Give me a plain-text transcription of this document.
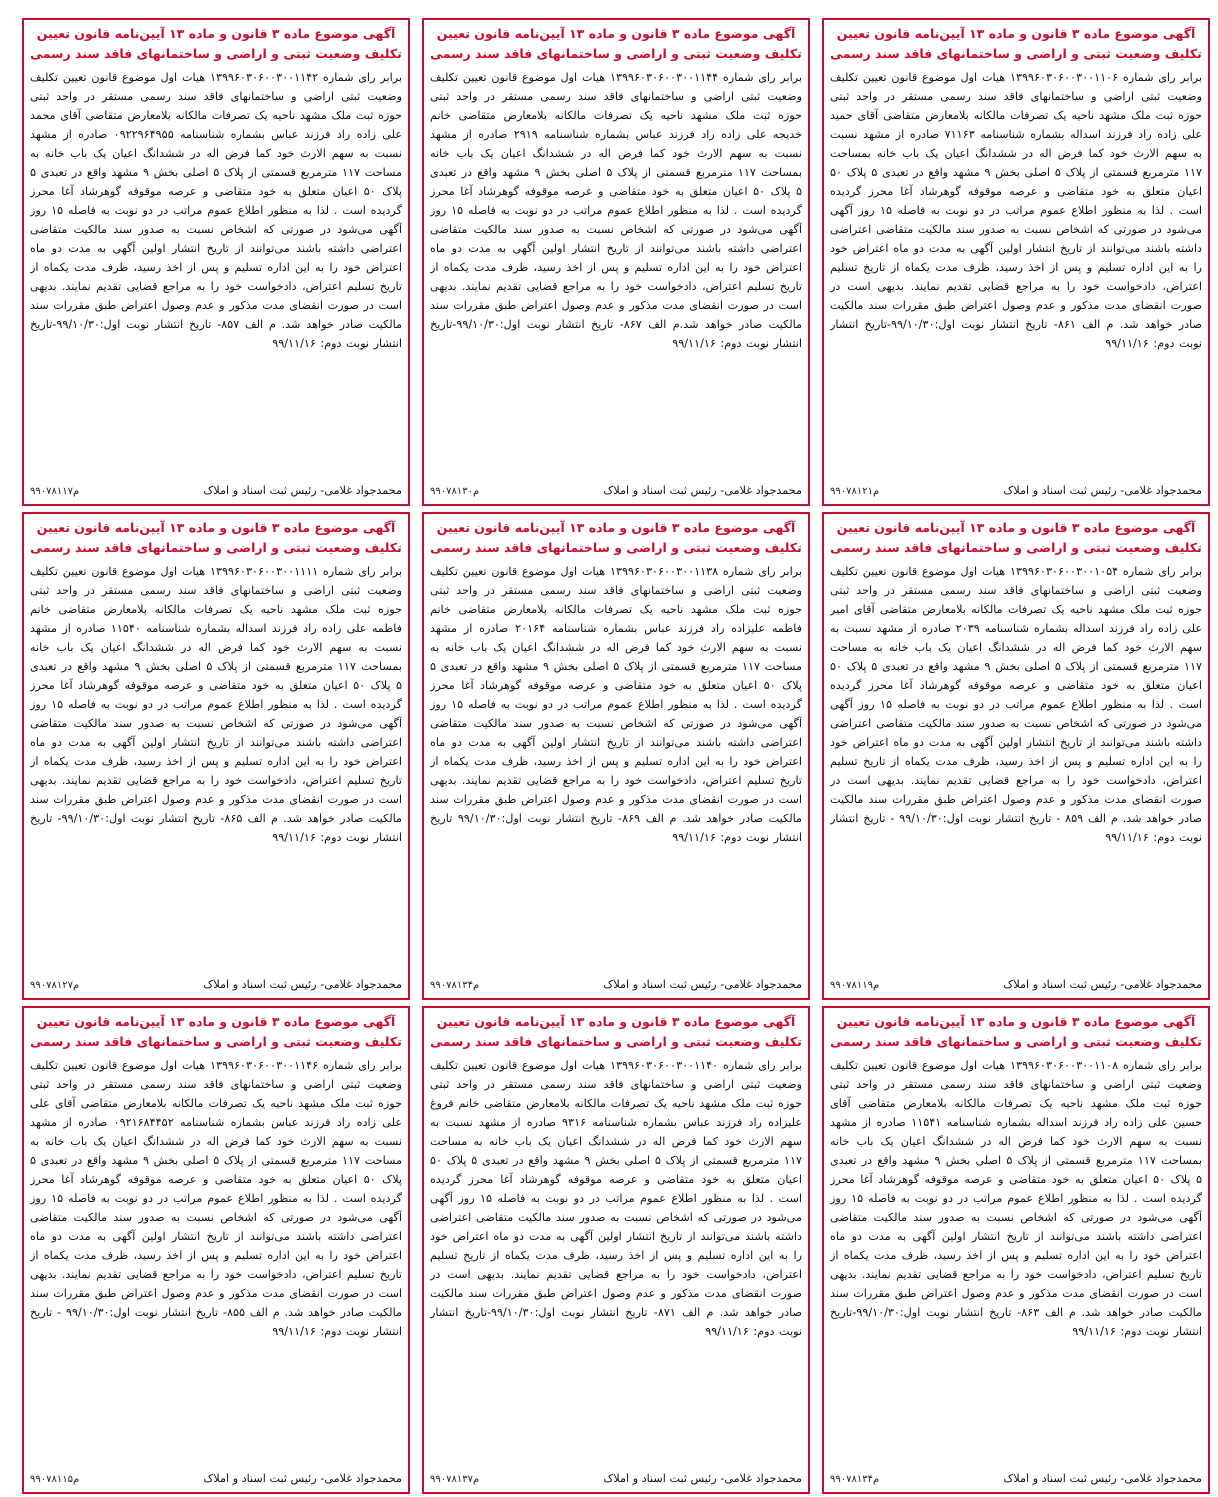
آگهی موضوع ماده ۳ قانون و ماده ۱۳ آیین‌نامه قانون تعیین تکلیف وضعیت ثبتی و اراضی و ساختمانهای فاقد سند رسمی

برابر رای شماره ۱۳۹۹۶۰۳۰۶۰۰۳۰۰۱۱۰۶ هیات اول موضوع قانون تعیین تکلیف وضعیت ثبتی اراضی و ساختمانهای فاقد سند رسمی مستقر در واحد ثبتی حوزه ثبت ملک مشهد ناحیه یک تصرفات مالکانه بلامعارض متقاضی آقای حمید علی زاده راد فرزند اسداله بشماره شناسنامه ۷۱۱۶۳ صادره از مشهد نسبت به سهم الارث خود کما فرض اله در ششدانگ اعیان یک باب خانه بمساحت ۱۱۷ مترمربع قسمتی از پلاک ۵ اصلی بخش ۹ مشهد واقع در تعبدی ۵ پلاک ۵۰ اعیان متعلق به خود متقاضی و عرصه موقوفه گوهرشاد آغا محرز گردیده است . لذا به منظور اطلاع عموم مراتب در دو نوبت به فاصله ۱۵ روز آگهی می‌شود در صورتی که اشخاص نسبت به صدور سند مالکیت متقاضی اعتراضی داشته باشند می‌توانند از تاریخ انتشار اولین آگهی به مدت دو ماه اعتراض خود را به این اداره تسلیم و پس از اخذ رسید، ظرف مدت یکماه از تاریخ تسلیم اعتراض، دادخواست خود را به مراجع قضایی تقدیم نمایند. بدیهی است در صورت انقضای مدت مذکور و عدم وصول اعتراض طبق مقررات سند مالکیت صادر خواهد شد. م الف ۸۶۱- تاریخ انتشار نوبت اول:۹۹/۱۰/۳۰-تاریخ انتشار نوبت دوم: ۹۹/۱۱/۱۶

محمدجواد غلامی- رئیس ثبت اسناد و املاک
م۹۹۰۷۸۱۲۱
آگهی موضوع ماده ۳ قانون و ماده ۱۳ آیین‌نامه قانون تعیین تکلیف وضعیت ثبتی و اراضی و ساختمانهای فاقد سند رسمی

برابر رای شماره ۱۳۹۹۶۰۳۰۶۰۰۳۰۰۱۱۴۴ هیات اول موضوع قانون تعیین تکلیف وضعیت ثبتی اراضی و ساختمانهای فاقد سند رسمی مستقر در واحد ثبتی حوزه ثبت ملک مشهد ناحیه یک تصرفات مالکانه بلامعارض متقاضی خانم خدیجه علی زاده راد فرزند عباس بشماره شناسنامه ۲۹۱۹ صادره از مشهد نسبت به سهم الارث خود کما فرض اله در ششدانگ اعیان یک باب خانه بمساحت ۱۱۷ مترمربع قسمتی از پلاک ۵ اصلی بخش ۹ مشهد واقع در تعبدی ۵ پلاک ۵۰ اعیان متعلق به خود متقاضی و عرصه موقوفه گوهرشاد آغا محرز گردیده است . لذا به منظور اطلاع عموم مراتب در دو نوبت به فاصله ۱۵ روز آگهی می‌شود در صورتی که اشخاص نسبت به صدور سند مالکیت متقاضی اعتراضی داشته باشند می‌توانند از تاریخ انتشار اولین آگهی به مدت دو ماه اعتراض خود را به این اداره تسلیم و پس از اخذ رسید، ظرف مدت یکماه از تاریخ تسلیم اعتراض، دادخواست خود را به مراجع قضایی تقدیم نمایند. بدیهی است در صورت انقضای مدت مذکور و عدم وصول اعتراض طبق مقررات سند مالکیت صادر خواهد شد.م الف ۸۶۷- تاریخ انتشار نوبت اول:۹۹/۱۰/۳۰-تاریخ انتشار نوبت دوم: ۹۹/۱۱/۱۶

محمدجواد غلامی- رئیس ثبت اسناد و املاک
م۹۹۰۷۸۱۳۰
آگهی موضوع ماده ۳ قانون و ماده ۱۳ آیین‌نامه قانون تعیین تکلیف وضعیت ثبتی و اراضی و ساختمانهای فاقد سند رسمی

برابر رای شماره ۱۳۹۹۶۰۳۰۶۰۰۳۰۰۱۱۴۲ هیات اول موضوع قانون تعیین تکلیف وضعیت ثبتی اراضی و ساختمانهای فاقد سند رسمی مستقر در واحد ثبتی حوزه ثبت ملک مشهد ناحیه یک تصرفات مالکانه بلامعارض متقاضی آقای محمد علی زاده راد فرزند عباس بشماره شناسنامه ۰۹۲۲۹۶۴۹۵۵ صادره از مشهد نسبت به سهم الارث خود کما فرض اله در ششدانگ اعیان یک باب خانه به مساحت ۱۱۷ مترمربع قسمتی از پلاک ۵ اصلی بخش ۹ مشهد واقع در تعبدی ۵ پلاک ۵۰ اعیان متعلق به خود متقاضی و عرصه موقوفه گوهرشاد آغا محرز گردیده است . لذا به منظور اطلاع عموم مراتب در دو نوبت به فاصله ۱۵ روز آگهی می‌شود در صورتی که اشخاص نسبت به صدور سند مالکیت متقاضی اعتراضی داشته باشند می‌توانند از تاریخ انتشار اولین آگهی به مدت دو ماه اعتراض خود را به این اداره تسلیم و پس از اخذ رسید، ظرف مدت یکماه از تاریخ تسلیم اعتراض، دادخواست خود را به مراجع قضایی تقدیم نمایند. بدیهی است در صورت انقضای مدت مذکور و عدم وصول اعتراض طبق مقررات سند مالکیت صادر خواهد شد. م الف ۸۵۷- تاریخ انتشار نوبت اول:۹۹/۱۰/۳۰-تاریخ انتشار نوبت دوم: ۹۹/۱۱/۱۶

محمدجواد غلامی- رئیس ثبت اسناد و املاک
م۹۹۰۷۸۱۱۷
آگهی موضوع ماده ۳ قانون و ماده ۱۳ آیین‌نامه قانون تعیین تکلیف وضعیت ثبتی و اراضی و ساختمانهای فاقد سند رسمی

برابر رای شماره ۱۳۹۹۶۰۳۰۶۰۰۳۰۰۱۰۵۴ هیات اول موضوع قانون تعیین تکلیف وضعیت ثبتی اراضی و ساختمانهای فاقد سند رسمی مستقر در واحد ثبتی حوزه ثبت ملک مشهد ناحیه یک تصرفات مالکانه بلامعارض متقاضی آقای امیر علی زاده راد فرزند اسداله بشماره شناسنامه ۲۰۳۹ صادره از مشهد نسبت به سهم الارث خود کما فرض اله در ششدانگ اعیان یک باب خانه به مساحت ۱۱۷ مترمربع قسمتی از پلاک ۵ اصلی بخش ۹ مشهد واقع در تعبدی ۵ پلاک ۵۰ اعیان متعلق به خود متقاضی و عرصه موقوفه گوهرشاد آغا محرز گردیده است . لذا به منظور اطلاع عموم مراتب در دو نوبت به فاصله ۱۵ روز آگهی می‌شود در صورتی که اشخاص نسبت به صدور سند مالکیت متقاضی اعتراضی داشته باشند می‌توانند از تاریخ انتشار اولین آگهی به مدت دو ماه اعتراض خود را به این اداره تسلیم و پس از اخذ رسید، ظرف مدت یکماه از تاریخ تسلیم اعتراض، دادخواست خود را به مراجع قضایی تقدیم نمایند. بدیهی است در صورت انقضای مدت مذکور و عدم وصول اعتراض طبق مقررات سند مالکیت صادر خواهد شد. م الف ۸۵۹ - تاریخ انتشار نوبت اول:۹۹/۱۰/۳۰ - تاریخ انتشار نوبت دوم: ۹۹/۱۱/۱۶

محمدجواد غلامی- رئیس ثبت اسناد و املاک
م۹۹۰۷۸۱۱۹
آگهی موضوع ماده ۳ قانون و ماده ۱۳ آیین‌نامه قانون تعیین تکلیف وضعیت ثبتی و اراضی و ساختمانهای فاقد سند رسمی

برابر رای شماره ۱۳۹۹۶۰۳۰۶۰۰۳۰۰۱۱۳۸ هیات اول موضوع قانون تعیین تکلیف وضعیت ثبتی اراضی و ساختمانهای فاقد سند رسمی مستقر در واحد ثبتی حوزه ثبت ملک مشهد ناحیه یک تصرفات مالکانه بلامعارض متقاضی خانم فاطمه علیزاده راد فرزند عباس بشماره شناسنامه ۲۰۱۶۴ صادره از مشهد نسبت به سهم الارث خود کما فرض اله در ششدانگ اعیان یک باب خانه به مساحت ۱۱۷ مترمربع قسمتی از پلاک ۵ اصلی بخش ۹ مشهد واقع در تعبدی ۵ پلاک ۵۰ اعیان متعلق به خود متقاضی و عرصه موقوفه گوهرشاد آغا محرز گردیده است . لذا به منظور اطلاع عموم مراتب در دو نوبت به فاصله ۱۵ روز آگهی می‌شود در صورتی که اشخاص نسبت به صدور سند مالکیت متقاضی اعتراضی داشته باشند می‌توانند از تاریخ انتشار اولین آگهی به مدت دو ماه اعتراض خود را به این اداره تسلیم و پس از اخذ رسید، ظرف مدت یکماه از تاریخ تسلیم اعتراض، دادخواست خود را به مراجع قضایی تقدیم نمایند. بدیهی است در صورت انقضای مدت مذکور و عدم وصول اعتراض طبق مقررات سند مالکیت صادر خواهد شد. م الف ۸۶۹- تاریخ انتشار نوبت اول:۹۹/۱۰/۳۰ تاریخ انتشار نوبت دوم: ۹۹/۱۱/۱۶

محمدجواد غلامی- رئیس ثبت اسناد و املاک
م۹۹۰۷۸۱۳۴
آگهی موضوع ماده ۳ قانون و ماده ۱۳ آیین‌نامه قانون تعیین تکلیف وضعیت ثبتی و اراضی و ساختمانهای فاقد سند رسمی

برابر رای شماره ۱۳۹۹۶۰۳۰۶۰۰۳۰۰۱۱۱۱ هیات اول موضوع قانون تعیین تکلیف وضعیت ثبتی اراضی و ساختمانهای فاقد سند رسمی مستقر در واحد ثبتی حوزه ثبت ملک مشهد ناحیه یک تصرفات مالکانه بلامعارض متقاضی خانم فاطمه علی زاده راد فرزند اسداله بشماره شناسنامه ۱۱۵۴۰ صادره از مشهد نسبت به سهم الارث خود کما فرض اله در ششدانگ اعیان یک باب خانه بمساحت ۱۱۷ مترمربع قسمتی از پلاک ۵ اصلی بخش ۹ مشهد واقع در تعبدی ۵ پلاک ۵۰ اعیان متعلق به خود متقاضی و عرصه موقوفه گوهرشاد آغا محرز گردیده است . لذا به منظور اطلاع عموم مراتب در دو نوبت به فاصله ۱۵ روز آگهی می‌شود در صورتی که اشخاص نسبت به صدور سند مالکیت متقاضی اعتراضی داشته باشند می‌توانند از تاریخ انتشار اولین آگهی به مدت دو ماه اعتراض خود را به این اداره تسلیم و پس از اخذ رسید، ظرف مدت یکماه از تاریخ تسلیم اعتراض، دادخواست خود را به مراجع قضایی تقدیم نمایند. بدیهی است در صورت انقضای مدت مذکور و عدم وصول اعتراض طبق مقررات سند مالکیت صادر خواهد شد. م الف ۸۶۵- تاریخ انتشار نوبت اول:۹۹/۱۰/۳۰- تاریخ انتشار نوبت دوم: ۹۹/۱۱/۱۶

محمدجواد غلامی- رئیس ثبت اسناد و املاک
م۹۹۰۷۸۱۲۷
آگهی موضوع ماده ۳ قانون و ماده ۱۳ آیین‌نامه قانون تعیین تکلیف وضعیت ثبتی و اراضی و ساختمانهای فاقد سند رسمی

برابر رای شماره ۱۳۹۹۶۰۳۰۶۰۰۳۰۰۱۱۰۸ هیات اول موضوع قانون تعیین تکلیف وضعیت ثبتی اراضی و ساختمانهای فاقد سند رسمی مستقر در واحد ثبتی حوزه ثبت ملک مشهد ناحیه یک تصرفات مالکانه بلامعارض متقاضی آقای حسین علی زاده راد فرزند اسداله بشماره شناسنامه ۱۱۵۴۱ صادره از مشهد نسبت به سهم الارث خود کما فرض اله در ششدانگ اعیان یک باب خانه بمساحت ۱۱۷ مترمربع قسمتی از پلاک ۵ اصلی بخش ۹ مشهد واقع در تعبدی ۵ پلاک ۵۰ اعیان متعلق به خود متقاضی و عرصه موقوفه گوهرشاد آغا محرز گردیده است . لذا به منظور اطلاع عموم مراتب در دو نوبت به فاصله ۱۵ روز آگهی می‌شود در صورتی که اشخاص نسبت به صدور سند مالکیت متقاضی اعتراضی داشته باشند می‌توانند از تاریخ انتشار اولین آگهی به مدت دو ماه اعتراض خود را به این اداره تسلیم و پس از اخذ رسید، ظرف مدت یکماه از تاریخ تسلیم اعتراض، دادخواست خود را به مراجع قضایی تقدیم نمایند. بدیهی است در صورت انقضای مدت مذکور و عدم وصول اعتراض طبق مقررات سند مالکیت صادر خواهد شد. م الف ۸۶۳- تاریخ انتشار نوبت اول:۹۹/۱۰/۳۰-تاریخ انتشار نوبت دوم: ۹۹/۱۱/۱۶

محمدجواد غلامی- رئیس ثبت اسناد و املاک
م۹۹۰۷۸۱۳۴
آگهی موضوع ماده ۳ قانون و ماده ۱۳ آیین‌نامه قانون تعیین تکلیف وضعیت ثبتی و اراضی و ساختمانهای فاقد سند رسمی

برابر رای شماره ۱۳۹۹۶۰۳۰۶۰۰۳۰۰۱۱۴۰ هیات اول موضوع قانون تعیین تکلیف وضعیت ثبتی اراضی و ساختمانهای فاقد سند رسمی مستقر در واحد ثبتی حوزه ثبت ملک مشهد ناحیه یک تصرفات مالکانه بلامعارض متقاضی خانم فروغ علیزاده راد فرزند عباس بشماره شناسنامه ۹۳۱۶ صادره از مشهد نسبت به سهم الارث خود کما فرض اله در ششدانگ اعیان یک باب خانه به مساحت ۱۱۷ مترمربع قسمتی از پلاک ۵ اصلی بخش ۹ مشهد واقع در تعبدی ۵ پلاک ۵۰ اعیان متعلق به خود متقاضی و عرصه موقوفه گوهرشاد آغا محرز گردیده است . لذا به منظور اطلاع عموم مراتب در دو نوبت به فاصله ۱۵ روز آگهی می‌شود در صورتی که اشخاص نسبت به صدور سند مالکیت متقاضی اعتراضی داشته باشند می‌توانند از تاریخ انتشار اولین آگهی به مدت دو ماه اعتراض خود را به این اداره تسلیم و پس از اخذ رسید، ظرف مدت یکماه از تاریخ تسلیم اعتراض، دادخواست خود را به مراجع قضایی تقدیم نمایند. بدیهی است در صورت انقضای مدت مذکور و عدم وصول اعتراض طبق مقررات سند مالکیت صادر خواهد شد. م الف ۸۷۱- تاریخ انتشار نوبت اول:۹۹/۱۰/۳۰-تاریخ انتشار نوبت دوم: ۹۹/۱۱/۱۶

محمدجواد غلامی- رئیس ثبت اسناد و املاک
م۹۹۰۷۸۱۳۷
آگهی موضوع ماده ۳ قانون و ماده ۱۳ آیین‌نامه قانون تعیین تکلیف وضعیت ثبتی و اراضی و ساختمانهای فاقد سند رسمی

برابر رای شماره ۱۳۹۹۶۰۳۰۶۰۰۳۰۰۱۱۴۶ هیات اول موضوع قانون تعیین تکلیف وضعیت ثبتی اراضی و ساختمانهای فاقد سند رسمی مستقر در واحد ثبتی حوزه ثبت ملک مشهد ناحیه یک تصرفات مالکانه بلامعارض متقاضی آقای علی علی زاده راد فرزند عباس بشماره شناسنامه ۰۹۲۱۶۸۴۴۵۲ صادره از مشهد نسبت به سهم الارث خود کما فرض اله در ششدانگ اعیان یک باب خانه به مساحت ۱۱۷ مترمربع قسمتی از پلاک ۵ اصلی بخش ۹ مشهد واقع در تعبدی ۵ پلاک ۵۰ اعیان متعلق به خود متقاضی و عرصه موقوفه گوهرشاد آغا محرز گردیده است . لذا به منظور اطلاع عموم مراتب در دو نوبت به فاصله ۱۵ روز آگهی می‌شود در صورتی که اشخاص نسبت به صدور سند مالکیت متقاضی اعتراضی داشته باشند می‌توانند از تاریخ انتشار اولین آگهی به مدت دو ماه اعتراض خود را به این اداره تسلیم و پس از اخذ رسید، ظرف مدت یکماه از تاریخ تسلیم اعتراض، دادخواست خود را به مراجع قضایی تقدیم نمایند. بدیهی است در صورت انقضای مدت مذکور و عدم وصول اعتراض طبق مقررات سند مالکیت صادر خواهد شد. م الف ۸۵۵- تاریخ انتشار نوبت اول:۹۹/۱۰/۳۰ - تاریخ انتشار نوبت دوم: ۹۹/۱۱/۱۶

محمدجواد غلامی- رئیس ثبت اسناد و املاک
م۹۹۰۷۸۱۱۵
